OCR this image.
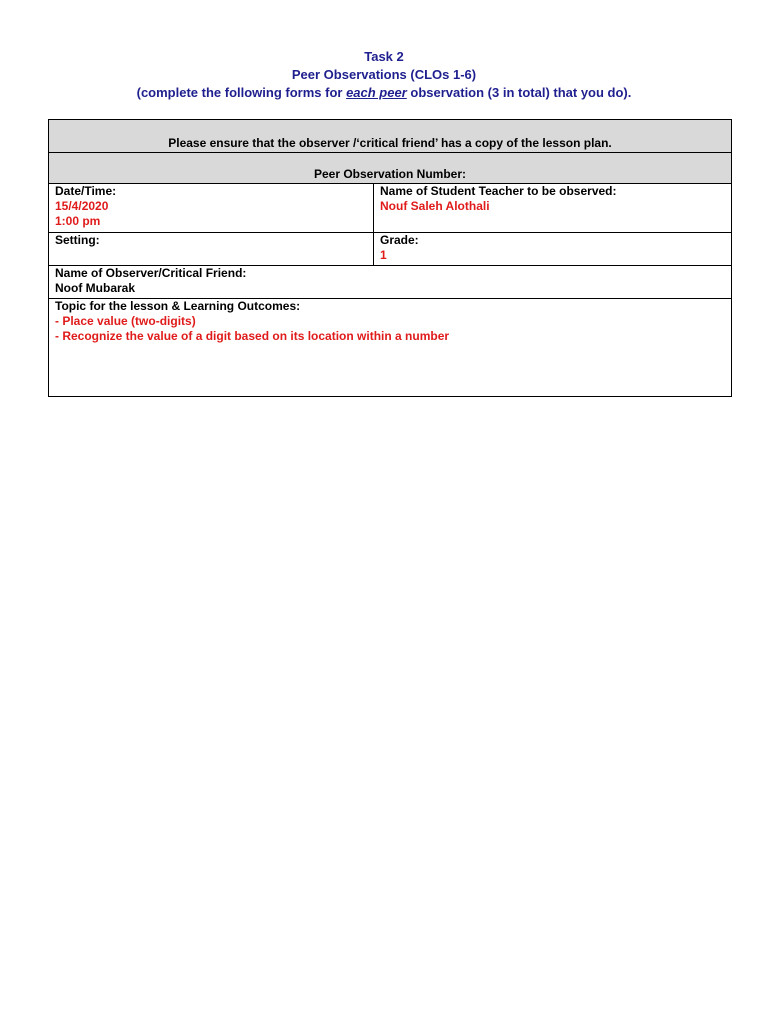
Task 2
Peer Observations (CLOs 1-6)
(complete the following forms for each peer observation (3 in total) that you do).
Please ensure that the observer /‘critical friend’ has a copy of the lesson plan.
Peer Observation Number:
Date/Time:
15/4/2020
1:00 pm
Name of Student Teacher to be observed:
Nouf Saleh Alothali
Setting:	Grade:
1
Name of Observer/Critical Friend:
Noof Mubarak
Topic for the lesson & Learning Outcomes:
- Place value (two-digits)
- Recognize the value of a digit based on its location within a number
